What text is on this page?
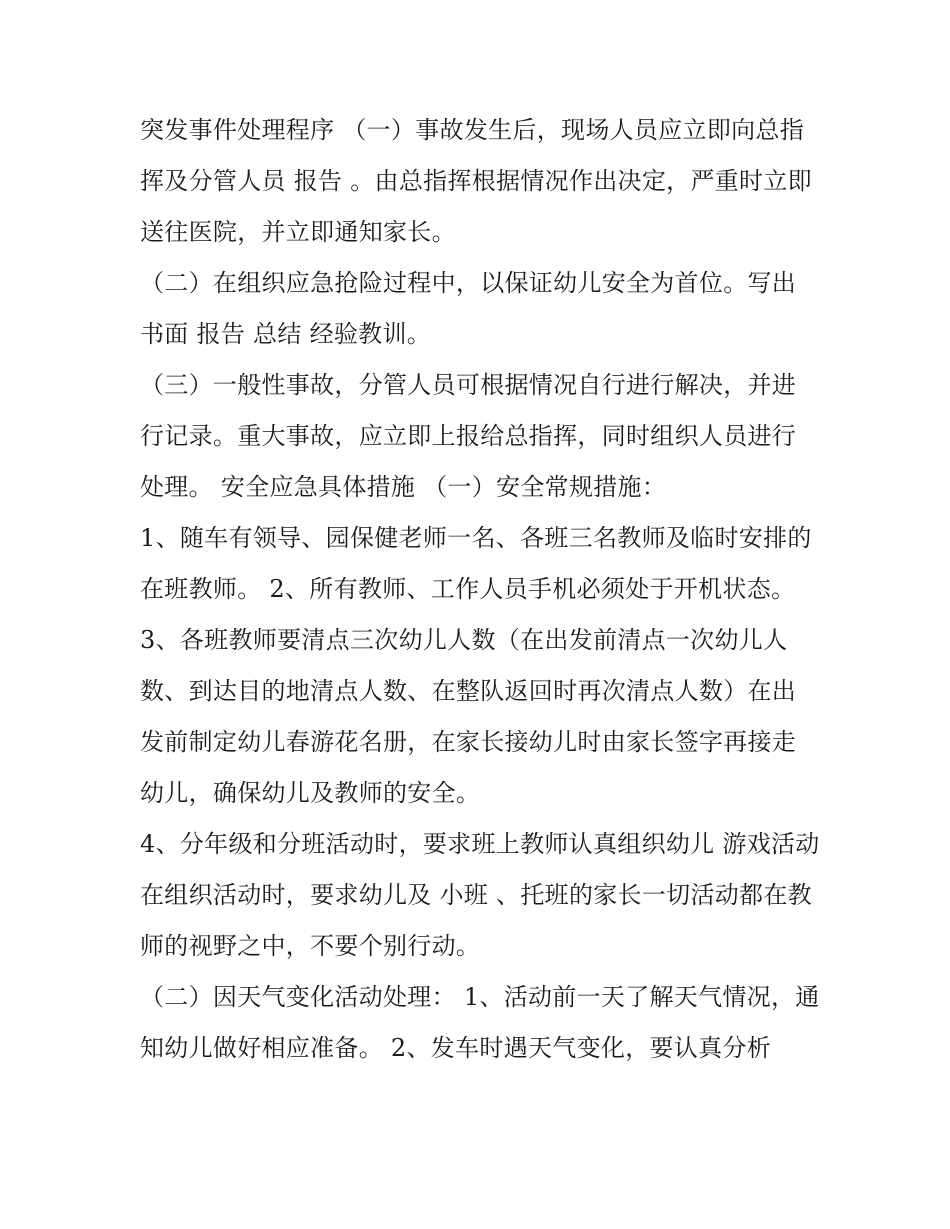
突发事件处理程序 （一）事故发生后，现场人员应立即向总指挥及分管人员 报告 。由总指挥根据情况作出决定，严重时立即送往医院，并立即通知家长。

（二）在组织应急抢险过程中，以保证幼儿安全为首位。写出书面 报告 总结 经验教训。

（三）一般性事故，分管人员可根据情况自行进行解决，并进行记录。重大事故，应立即上报给总指挥，同时组织人员进行处理。 安全应急具体措施 （一）安全常规措施：

1、随车有领导、园保健老师一名、各班三名教师及临时安排的在班教师。 2、所有教师、工作人员手机必须处于开机状态。

3、各班教师要清点三次幼儿人数（在出发前清点一次幼儿人数、到达目的地清点人数、在整队返回时再次清点人数）在出发前制定幼儿春游花名册，在家长接幼儿时由家长签字再接走幼儿，确保幼儿及教师的安全。

4、分年级和分班活动时，要求班上教师认真组织幼儿 游戏活动 在组织活动时，要求幼儿及 小班 、托班的家长一切活动都在教师的视野之中，不要个别行动。

（二）因天气变化活动处理： 1、活动前一天了解天气情况，通知幼儿做好相应准备。 2、发车时遇天气变化，要认真分析
